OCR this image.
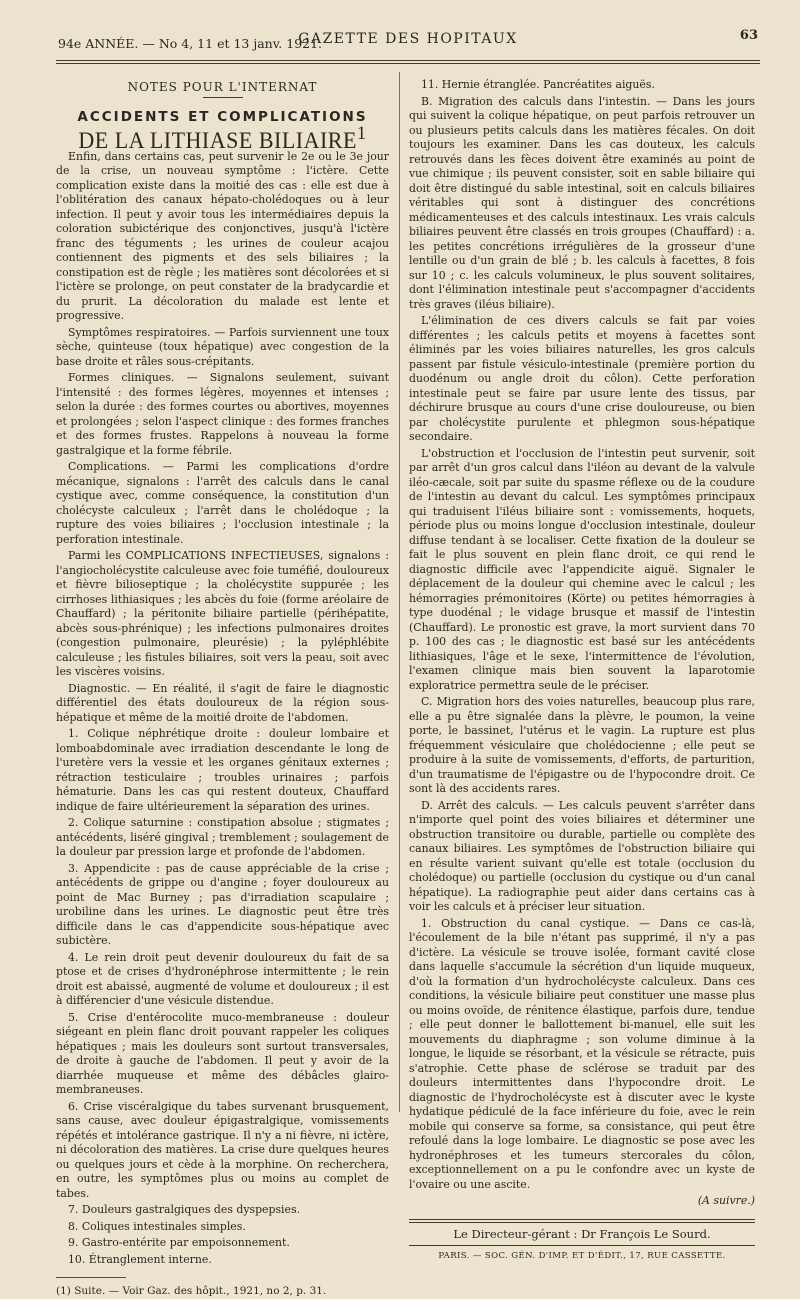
94e ANNÉE. — No 4, 11 et 13 janv. 1921.
GAZETTE DES HOPITAUX	63

NOTES POUR L'INTERNAT

ACCIDENTS ET COMPLICATIONS

DE LA LITHIASE BILIAIRE$^1$

Enfin, dans certains cas, peut survenir le 2e ou le 3e jour de la crise, un nouveau symptôme : l'ictère. Cette complication existe dans la moitié des cas : elle est due à l'oblitération des canaux hépato-cholédoques ou à leur infection. Il peut y avoir tous les intermédiaires depuis la coloration subictérique des conjonctives, jusqu'à l'ictère franc des téguments ; les urines de couleur acajou contiennent des pigments et des sels biliaires ; la constipation est de règle ; les matières sont décolorées et si l'ictère se prolonge, on peut constater de la bradycardie et du prurit. La décoloration du malade est lente et progressive.

Symptômes respiratoires. — Parfois surviennent une toux sèche, quinteuse (toux hépatique) avec congestion de la base droite et râles sous-crépitants.

Formes cliniques. — Signalons seulement, suivant l'intensité : des formes légères, moyennes et intenses ; selon la durée : des formes courtes ou abortives, moyennes et prolongées ; selon l'aspect clinique : des formes franches et des formes frustes. Rappelons à nouveau la forme gastralgique et la forme fébrile.

Complications. — Parmi les complications d'ordre mécanique, signalons : l'arrêt des calculs dans le canal cystique avec, comme conséquence, la constitution d'un cholécyste calculeux ; l'arrêt dans le cholédoque ; la rupture des voies biliaires ; l'occlusion intestinale ; la perforation intestinale.

Parmi les COMPLICATIONS INFECTIEUSES, signalons : l'angiocholécystite calculeuse avec foie tuméfié, douloureux et fièvre bilioseptique ; la cholécystite suppurée ; les cirrhoses lithiasiques ; les abcès du foie (forme aréolaire de Chauffard) ; la péritonite biliaire partielle (périhépatite, abcès sous-phrénique) ; les infections pulmonaires droites (congestion pulmonaire, pleurésie) ; la pyléphlébite calculeuse ; les fistules biliaires, soit vers la peau, soit avec les viscères voisins.

Diagnostic. — En réalité, il s'agit de faire le diagnostic différentiel des états douloureux de la région sous-hépatique et même de la moitié droite de l'abdomen.

1. Colique néphrétique droite : douleur lombaire et lomboabdominale avec irradiation descendante le long de l'uretère vers la vessie et les organes génitaux externes ; rétraction testiculaire ; troubles urinaires ; parfois hématurie. Dans les cas qui restent douteux, Chauffard indique de faire ultérieurement la séparation des urines.

2. Colique saturnine : constipation absolue ; stigmates ; antécédents, liséré gingival ; tremblement ; soulagement de la douleur par pression large et profonde de l'abdomen.

3. Appendicite : pas de cause appréciable de la crise ; antécédents de grippe ou d'angine ; foyer douloureux au point de Mac Burney ; pas d'irradiation scapulaire ; urobiline dans les urines. Le diagnostic peut être très difficile dans le cas d'appendicite sous-hépatique avec subictère.

4. Le rein droit peut devenir douloureux du fait de sa ptose et de crises d'hydronéphrose intermittente ; le rein droit est abaissé, augmenté de volume et douloureux ; il est à différencier d'une vésicule distendue.

5. Crise d'entérocolite muco-membraneuse : douleur siégeant en plein flanc droit pouvant rappeler les coliques hépatiques ; mais les douleurs sont surtout transversales, de droite à gauche de l'abdomen. Il peut y avoir de la diarrhée muqueuse et même des débâcles glairo-membraneuses.

6. Crise viscéralgique du tabes survenant brusquement, sans cause, avec douleur épigastralgique, vomissements répétés et intolérance gastrique. Il n'y a ni fièvre, ni ictère, ni décoloration des matières. La crise dure quelques heures ou quelques jours et cède à la morphine. On recherchera, en outre, les symptômes plus ou moins au complet de tabes.

7. Douleurs gastralgiques des dyspepsies.

8. Coliques intestinales simples.

9. Gastro-entérite par empoisonnement.

10. Étranglement interne.

(1) Suite. — Voir Gaz. des hôpit., 1921, no 2, p. 31.

11. Hernie étranglée. Pancréatites aiguës.

B. Migration des calculs dans l'intestin. — Dans les jours qui suivent la colique hépatique, on peut parfois retrouver un ou plusieurs petits calculs dans les matières fécales. On doit toujours les examiner. Dans les cas douteux, les calculs retrouvés dans les fèces doivent être examinés au point de vue chimique ; ils peuvent consister, soit en sable biliaire qui doit être distingué du sable intestinal, soit en calculs biliaires véritables qui sont à distinguer des concrétions médicamenteuses et des calculs intestinaux. Les vrais calculs biliaires peuvent être classés en trois groupes (Chauffard) : a. les petites concrétions irrégulières de la grosseur d'une lentille ou d'un grain de blé ; b. les calculs à facettes, 8 fois sur 10 ; c. les calculs volumineux, le plus souvent solitaires, dont l'élimination intestinale peut s'accompagner d'accidents très graves (iléus biliaire).

L'élimination de ces divers calculs se fait par voies différentes ; les calculs petits et moyens à facettes sont éliminés par les voies biliaires naturelles, les gros calculs passent par fistule vésiculo-intestinale (première portion du duodénum ou angle droit du côlon). Cette perforation intestinale peut se faire par usure lente des tissus, par déchirure brusque au cours d'une crise douloureuse, ou bien par cholécystite purulente et phlegmon sous-hépatique secondaire.

L'obstruction et l'occlusion de l'intestin peut survenir, soit par arrêt d'un gros calcul dans l'iléon au devant de la valvule iléo-cæcale, soit par suite du spasme réflexe ou de la coudure de l'intestin au devant du calcul. Les symptômes principaux qui traduisent l'iléus biliaire sont : vomissements, hoquets, période plus ou moins longue d'occlusion intestinale, douleur diffuse tendant à se localiser. Cette fixation de la douleur se fait le plus souvent en plein flanc droit, ce qui rend le diagnostic difficile avec l'appendicite aiguë. Signaler le déplacement de la douleur qui chemine avec le calcul ; les hémorragies prémonitoires (Körte) ou petites hémorragies à type duodénal ; le vidage brusque et massif de l'intestin (Chauffard). Le pronostic est grave, la mort survient dans 70 p. 100 des cas ; le diagnostic est basé sur les antécédents lithiasiques, l'âge et le sexe, l'intermittence de l'évolution, l'examen clinique mais bien souvent la laparotomie exploratrice permettra seule de le préciser.

C. Migration hors des voies naturelles, beaucoup plus rare, elle a pu être signalée dans la plèvre, le poumon, la veine porte, le bassinet, l'utérus et le vagin. La rupture est plus fréquemment vésiculaire que cholédocienne ; elle peut se produire à la suite de vomissements, d'efforts, de parturition, d'un traumatisme de l'épigastre ou de l'hypocondre droit. Ce sont là des accidents rares.

D. Arrêt des calculs. — Les calculs peuvent s'arrêter dans n'importe quel point des voies biliaires et déterminer une obstruction transitoire ou durable, partielle ou complète des canaux biliaires. Les symptômes de l'obstruction biliaire qui en résulte varient suivant qu'elle est totale (occlusion du cholédoque) ou partielle (occlusion du cystique ou d'un canal hépatique). La radiographie peut aider dans certains cas à voir les calculs et à préciser leur situation.

1. Obstruction du canal cystique. — Dans ce cas-là, l'écoulement de la bile n'étant pas supprimé, il n'y a pas d'ictère. La vésicule se trouve isolée, formant cavité close dans laquelle s'accumule la sécrétion d'un liquide muqueux, d'où la formation d'un hydrocholécyste calculeux. Dans ces conditions, la vésicule biliaire peut constituer une masse plus ou moins ovoïde, de rénitence élastique, parfois dure, tendue ; elle peut donner le ballottement bi-manuel, elle suit les mouvements du diaphragme ; son volume diminue à la longue, le liquide se résorbant, et la vésicule se rétracte, puis s'atrophie. Cette phase de sclérose se traduit par des douleurs intermittentes dans l'hypocondre droit. Le diagnostic de l'hydrocholécyste est à discuter avec le kyste hydatique pédiculé de la face inférieure du foie, avec le rein mobile qui conserve sa forme, sa consistance, qui peut être refoulé dans la loge lombaire. Le diagnostic se pose avec les hydronéphroses et les tumeurs stercorales du côlon, exceptionnellement on a pu le confondre avec un kyste de l'ovaire ou une ascite.

(A suivre.)

Le Directeur-gérant : Dr François Le Sourd.

PARIS. — SOC. GÉN. D'IMP. ET D'ÉDIT., 17, RUE CASSETTE.
